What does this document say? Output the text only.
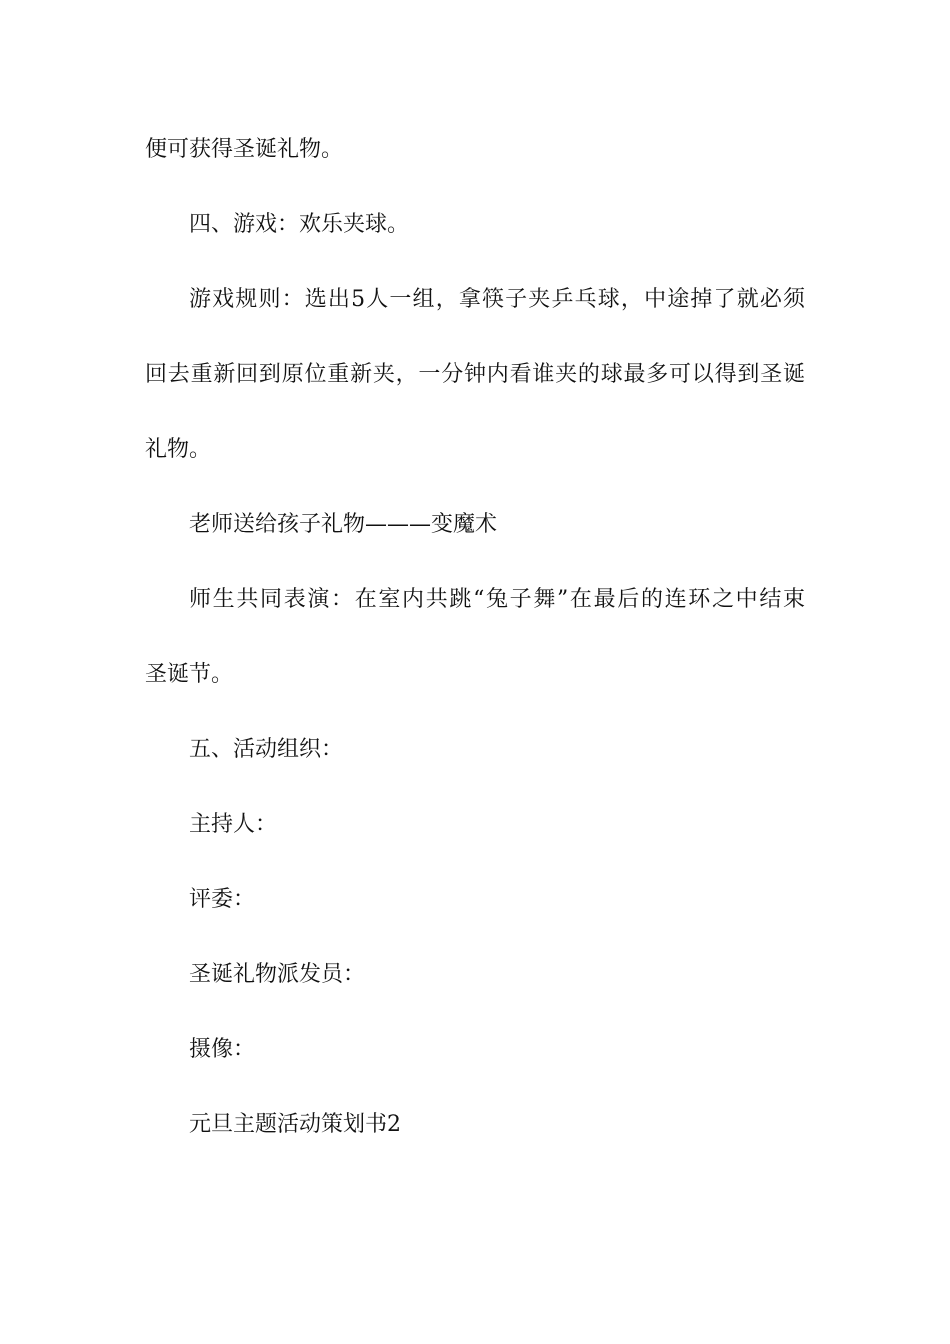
便可获得圣诞礼物。
四、游戏：欢乐夹球。
游戏规则：选出5人一组，拿筷子夹乒乓球，中途掉了就必须
回去重新回到原位重新夹，一分钟内看谁夹的球最多可以得到圣诞
礼物。
老师送给孩子礼物———变魔术
师生共同表演：在室内共跳“兔子舞”在最后的连环之中结束
圣诞节。
五、活动组织：
主持人：
评委：
圣诞礼物派发员：
摄像：
元旦主题活动策划书2
